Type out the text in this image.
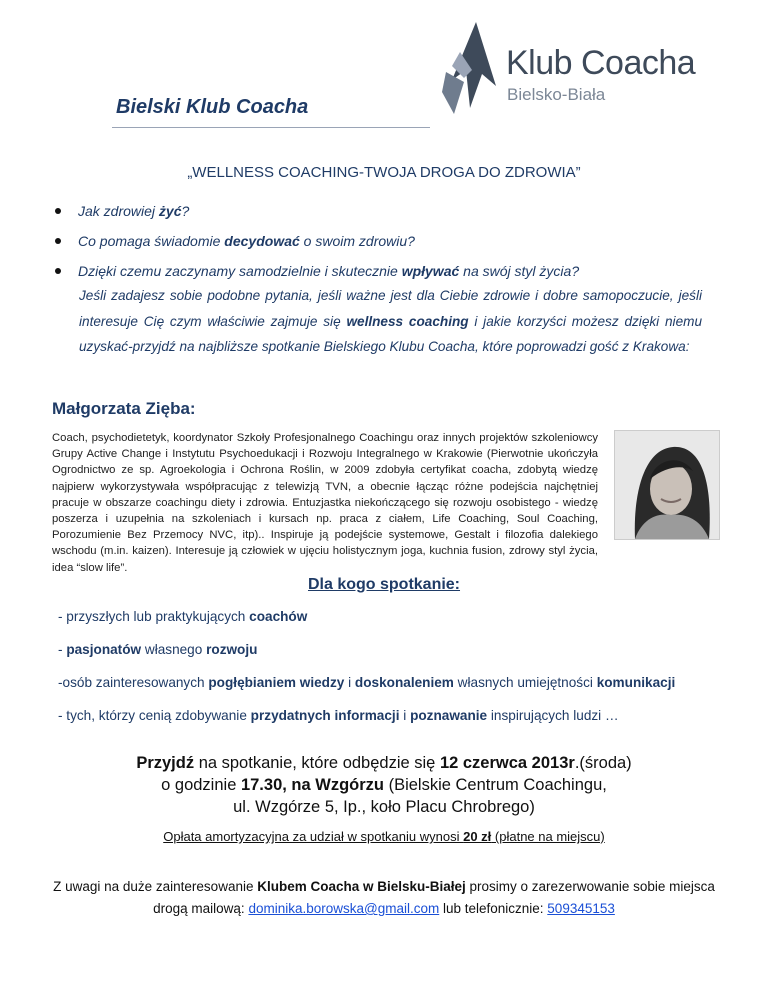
Bielski Klub Coacha
Klub Coacha
Bielsko-Biała
„WELLNESS COACHING-TWOJA DROGA DO ZDROWIA”
Jak zdrowiej żyć?
Co pomaga świadomie decydować o swoim zdrowiu?
Dzięki czemu zaczynamy samodzielnie i skutecznie wpływać na swój styl życia?
Jeśli zadajesz sobie podobne pytania, jeśli ważne jest dla Ciebie zdrowie i dobre samopoczucie, jeśli interesuje Cię czym właściwie zajmuje się wellness coaching i jakie korzyści możesz dzięki niemu uzyskać-przyjdź na najbliższe spotkanie Bielskiego Klubu Coacha, które poprowadzi gość z Krakowa:
Małgorzata Zięba:
Coach, psychodietetyk, koordynator Szkoły Profesjonalnego Coachingu oraz innych projektów szkoleniowcy Grupy Active Change i Instytutu Psychoedukacji i Rozwoju Integralnego w Krakowie (Pierwotnie ukończyła Ogrodnictwo ze sp. Agroekologia i Ochrona Roślin, w 2009 zdobyła certyfikat coacha, zdobytą wiedzę najpierw wykorzystywała współpracując z telewizją TVN, a obecnie łącząc różne podejścia najchętniej pracuje w obszarze coachingu diety i zdrowia. Entuzjastka niekończącego się rozwoju osobistego - wiedzę poszerza i uzupełnia na szkoleniach i kursach np. praca z ciałem, Life Coaching, Soul Coaching, Porozumienie Bez Przemocy NVC, itp).. Inspiruje ją podejście systemowe, Gestalt i filozofia dalekiego wschodu (m.in. kaizen). Interesuje ją człowiek w ujęciu holistycznym joga, kuchnia fusion, zdrowy styl życia, idea “slow life”.
Dla kogo spotkanie:
- przyszłych lub praktykujących coachów
- pasjonatów własnego rozwoju
-osób zainteresowanych pogłębianiem wiedzy i doskonaleniem własnych umiejętności komunikacji
- tych, którzy cenią zdobywanie przydatnych informacji i poznawanie inspirujących ludzi …
Przyjdź na spotkanie, które odbędzie się 12 czerwca 2013r.(środa)
o godzinie 17.30, na Wzgórzu (Bielskie Centrum Coachingu,
ul. Wzgórze 5, Ip., koło Placu Chrobrego)
Opłata amortyzacyjna za udział w spotkaniu wynosi 20 zł (płatne na miejscu)
Z uwagi na duże zainteresowanie Klubem Coacha w Bielsku-Białej prosimy o zarezerwowanie sobie miejsca drogą mailową: dominika.borowska@gmail.com lub telefonicznie: 509345153
